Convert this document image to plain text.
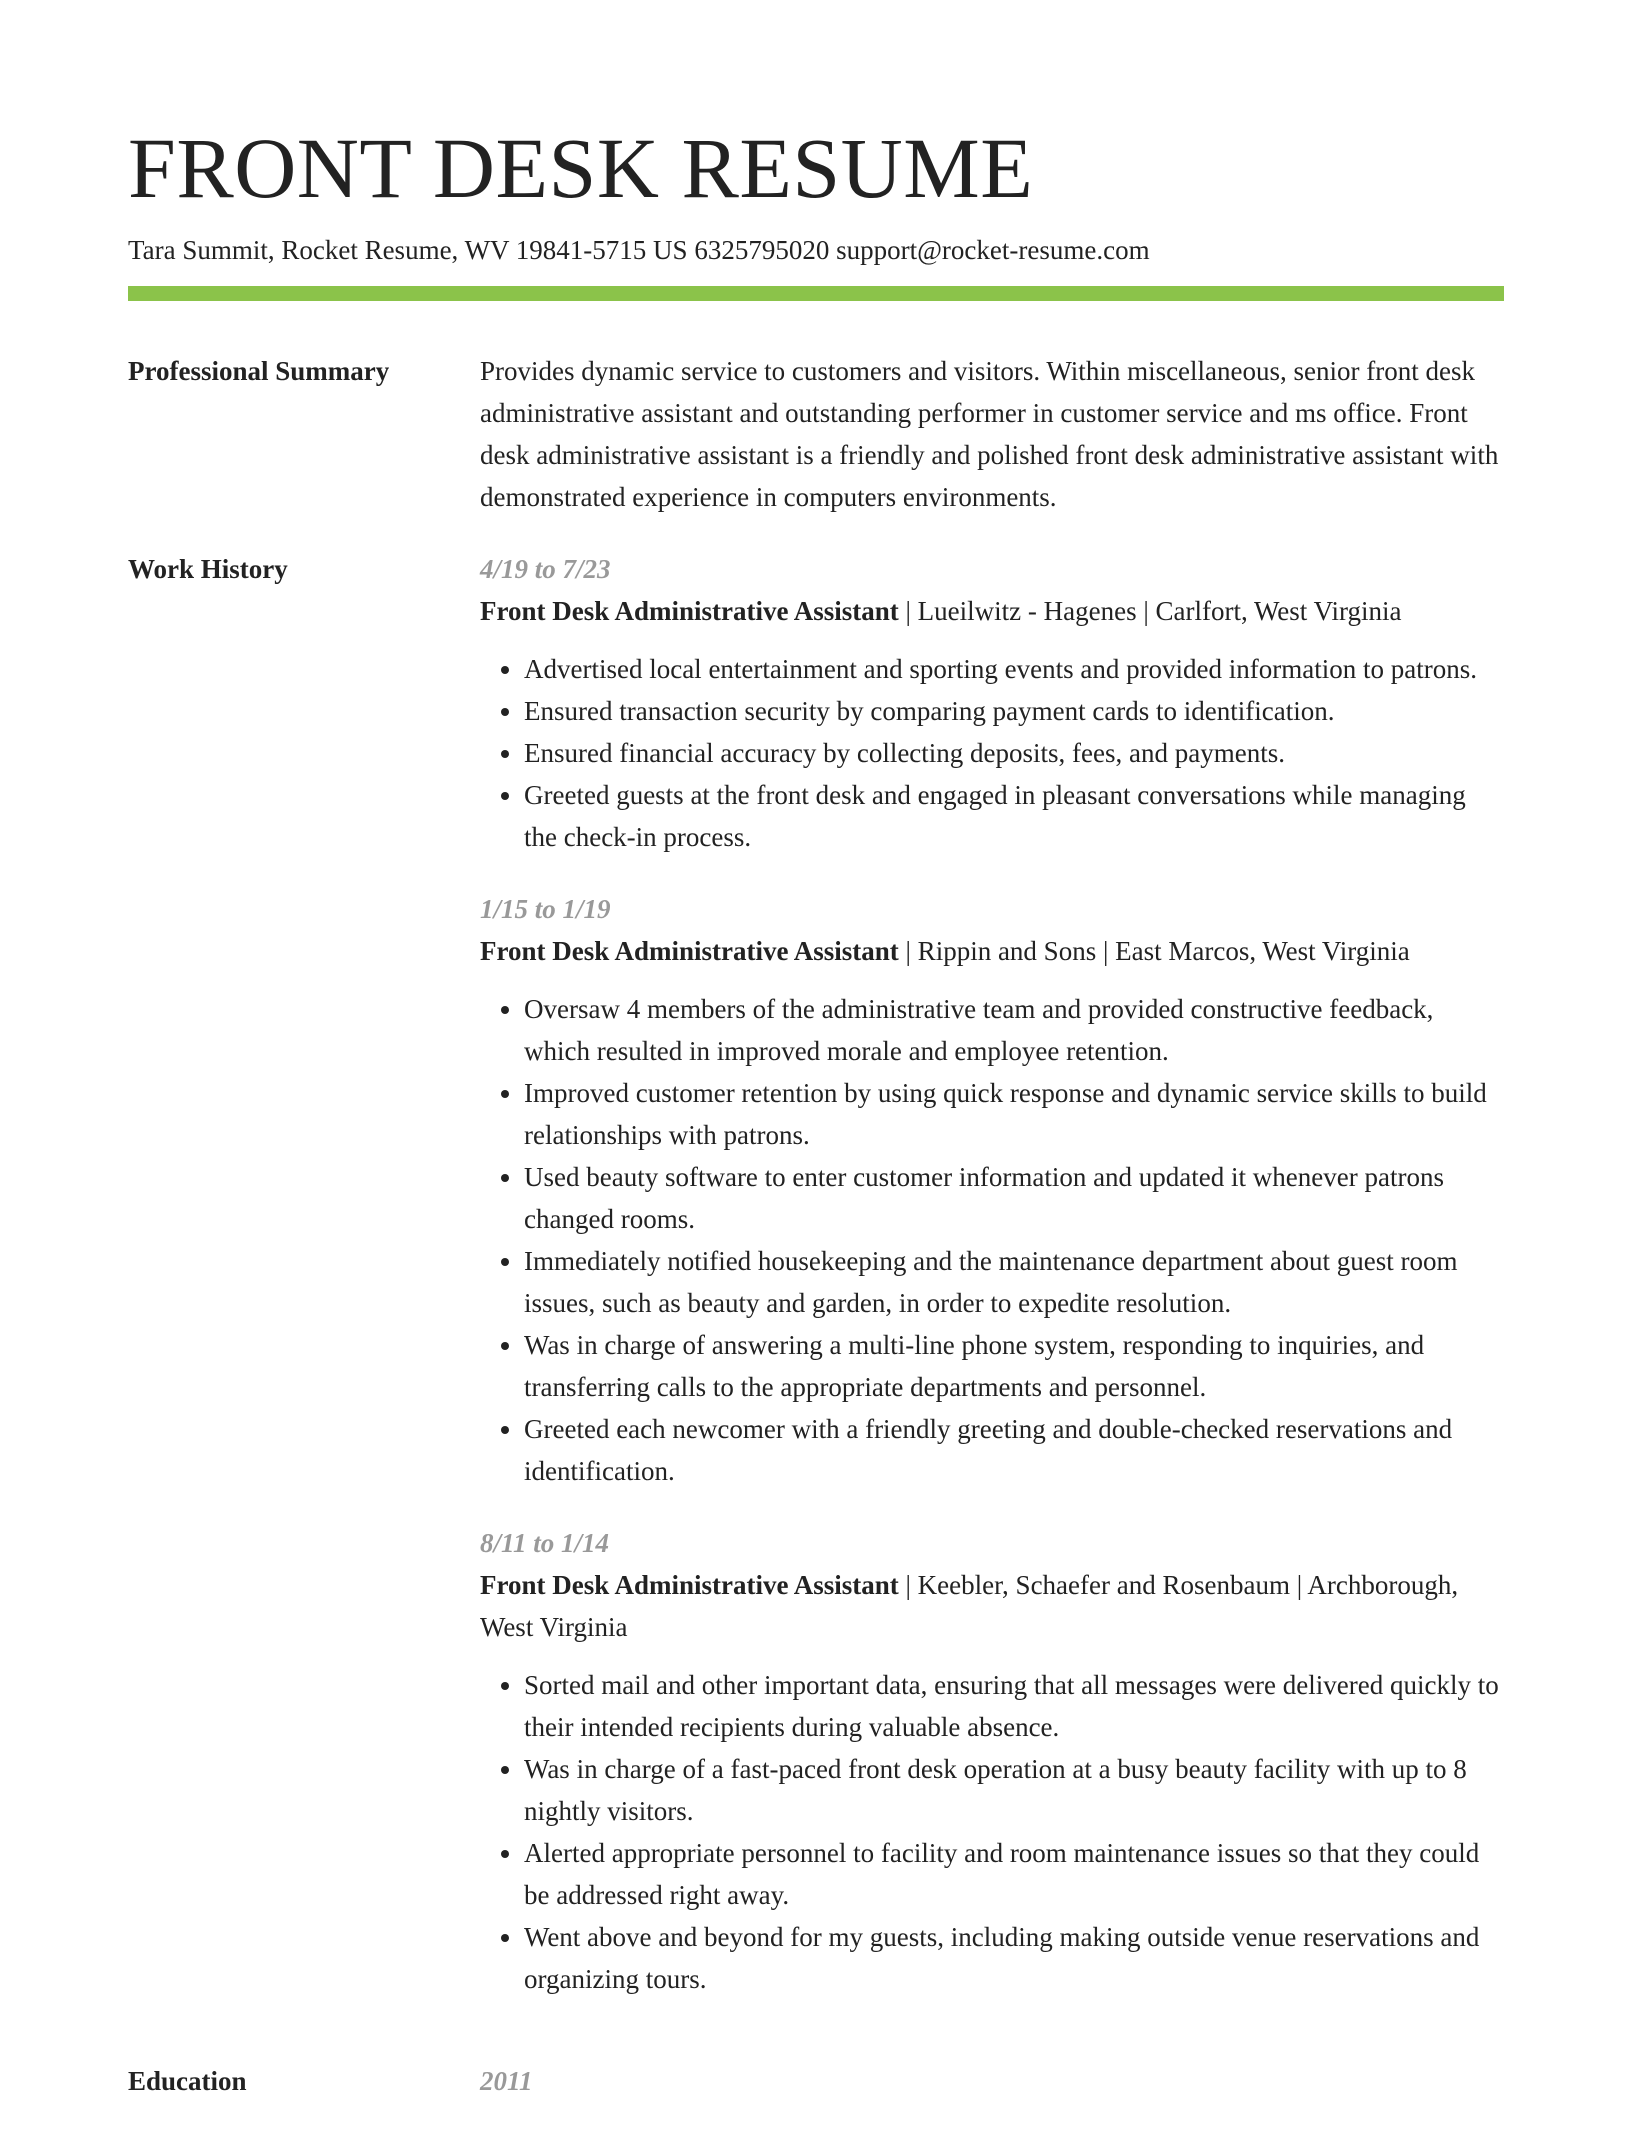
FRONT DESK RESUME
Tara Summit, Rocket Resume, WV 19841-5715 US 6325795020 support@rocket-resume.com
Professional Summary	Provides dynamic service to customers and visitors. Within miscellaneous, senior front desk administrative assistant and outstanding performer in customer service and ms office. Front desk administrative assistant is a friendly and polished front desk administrative assistant with demonstrated experience in computers environments.
Work History	4/19 to 7/23
Front Desk Administrative Assistant | Lueilwitz - Hagenes | Carlfort, West Virginia
• Advertised local entertainment and sporting events and provided information to patrons.
• Ensured transaction security by comparing payment cards to identification.
• Ensured financial accuracy by collecting deposits, fees, and payments.
• Greeted guests at the front desk and engaged in pleasant conversations while managing the check-in process.
1/15 to 1/19
Front Desk Administrative Assistant | Rippin and Sons | East Marcos, West Virginia
• Oversaw 4 members of the administrative team and provided constructive feedback, which resulted in improved morale and employee retention.
• Improved customer retention by using quick response and dynamic service skills to build relationships with patrons.
• Used beauty software to enter customer information and updated it whenever patrons changed rooms.
• Immediately notified housekeeping and the maintenance department about guest room issues, such as beauty and garden, in order to expedite resolution.
• Was in charge of answering a multi-line phone system, responding to inquiries, and transferring calls to the appropriate departments and personnel.
• Greeted each newcomer with a friendly greeting and double-checked reservations and identification.
8/11 to 1/14
Front Desk Administrative Assistant | Keebler, Schaefer and Rosenbaum | Archborough, West Virginia
• Sorted mail and other important data, ensuring that all messages were delivered quickly to their intended recipients during valuable absence.
• Was in charge of a fast-paced front desk operation at a busy beauty facility with up to 8 nightly visitors.
• Alerted appropriate personnel to facility and room maintenance issues so that they could be addressed right away.
• Went above and beyond for my guests, including making outside venue reservations and organizing tours.
Education	2011
